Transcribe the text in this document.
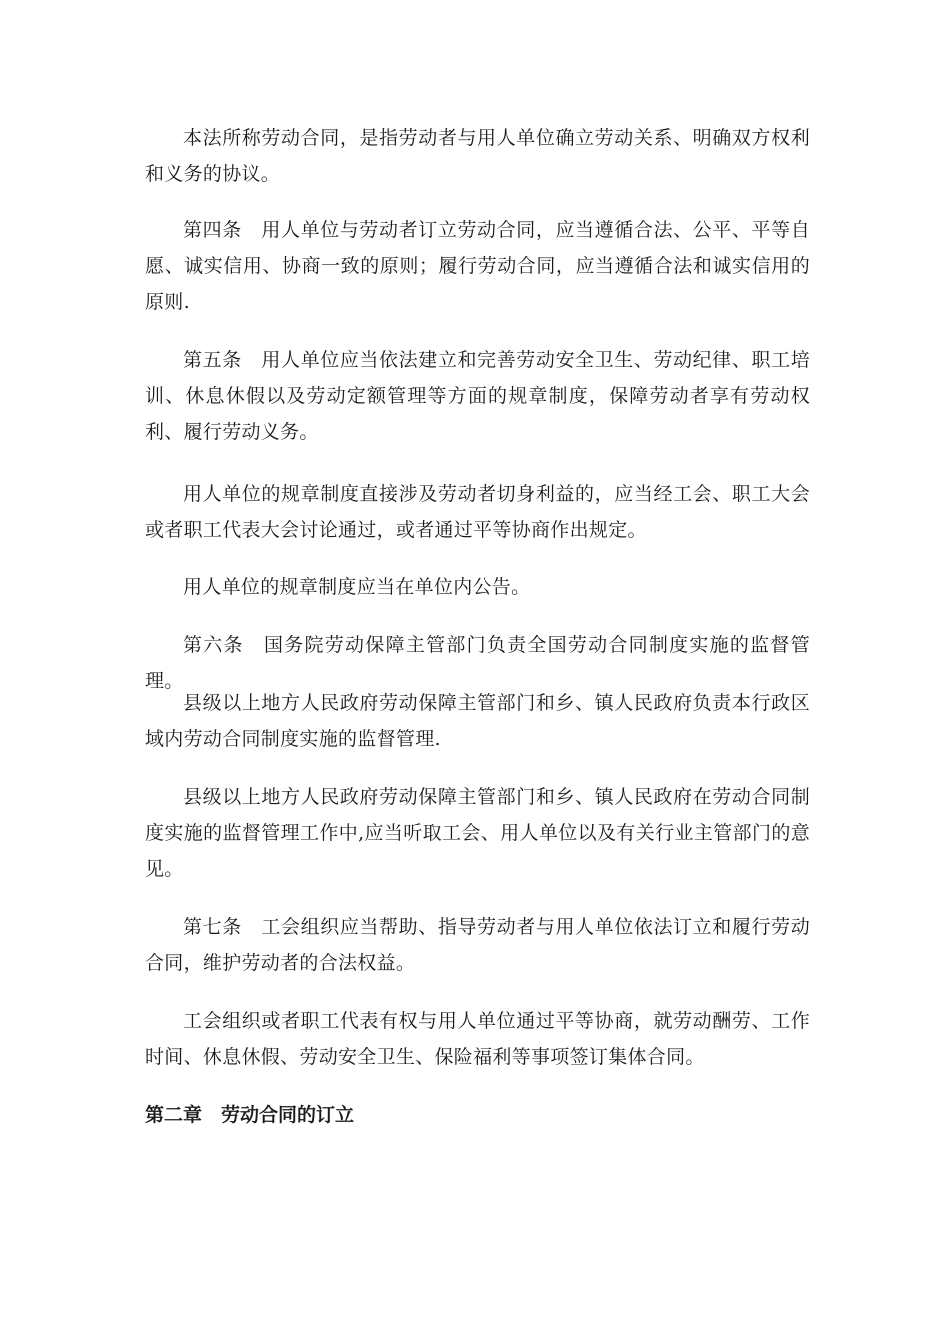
本法所称劳动合同，是指劳动者与用人单位确立劳动关系、明确双方权利和义务的协议。

第四条　用人单位与劳动者订立劳动合同，应当遵循合法、公平、平等自愿、诚实信用、协商一致的原则；履行劳动合同，应当遵循合法和诚实信用的原则.

第五条　用人单位应当依法建立和完善劳动安全卫生、劳动纪律、职工培训、休息休假以及劳动定额管理等方面的规章制度，保障劳动者享有劳动权利、履行劳动义务。

用人单位的规章制度直接涉及劳动者切身利益的，应当经工会、职工大会或者职工代表大会讨论通过，或者通过平等协商作出规定。

用人单位的规章制度应当在单位内公告。

第六条　国务院劳动保障主管部门负责全国劳动合同制度实施的监督管理。

县级以上地方人民政府劳动保障主管部门和乡、镇人民政府负责本行政区域内劳动合同制度实施的监督管理.

县级以上地方人民政府劳动保障主管部门和乡、镇人民政府在劳动合同制度实施的监督管理工作中,应当听取工会、用人单位以及有关行业主管部门的意见。

第七条　工会组织应当帮助、指导劳动者与用人单位依法订立和履行劳动合同，维护劳动者的合法权益。

工会组织或者职工代表有权与用人单位通过平等协商，就劳动酬劳、工作时间、休息休假、劳动安全卫生、保险福利等事项签订集体合同。

第二章　劳动合同的订立
